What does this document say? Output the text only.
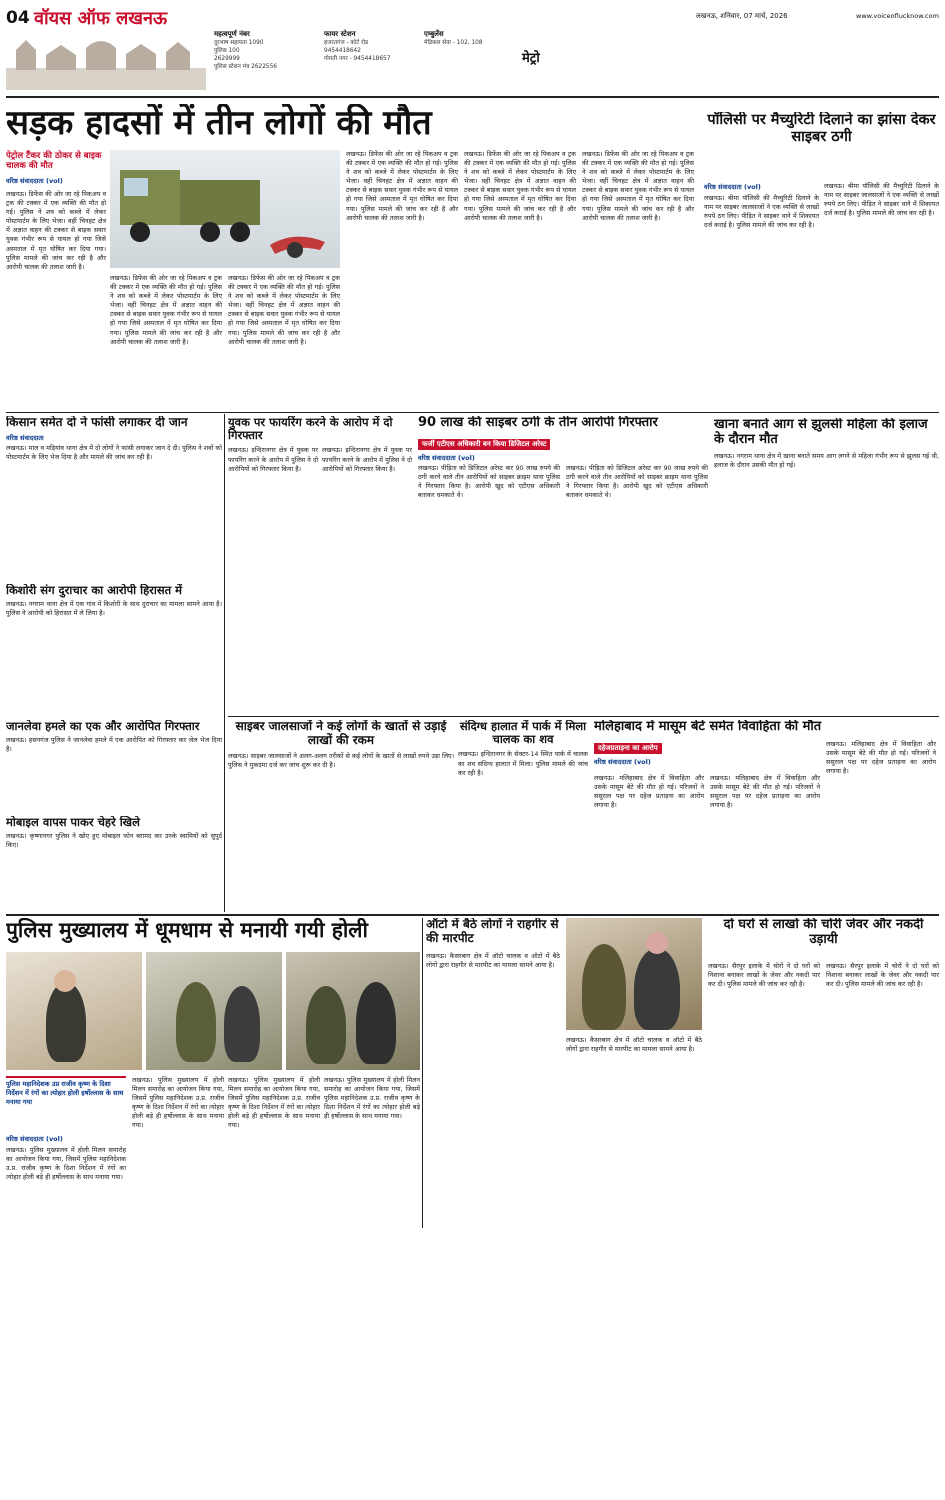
04 वॉयस ऑफ लखनऊ
महत्वपूर्ण नंबर
दूरभाष सहायता 1090
पुलिस 100
2629999
पुलिस स्टेशन मंत्र 2622556
फायर स्टेशन
हजरतगंज - कोर्ट रोड
9454418642
गोमती नगर - 9454418657
एम्बुलेंस
मेडिकल सेवा - 102, 108
मेट्रो
लखनऊ, शनिवार, 07 मार्च, 2026	www.voiceoflucknow.com
सड़क हादसों में तीन लोगों की मौत
पेट्रोल टैंकर की ठोकर से बाइक चालक की मौत
वरिष्ठ संवाददाता (vol)
लखनऊ। डिफेंस की ओर जा रहे पिकअप व ट्रक की टक्कर में एक व्यक्ति की मौत हो गई। पुलिस ने शव को कब्जे में लेकर पोस्टमार्टम के लिए भेजा। वहीं चिनहट क्षेत्र में अज्ञात वाहन की टक्कर से बाइक सवार युवक गंभीर रूप से घायल हो गया जिसे अस्पताल में मृत घोषित कर दिया गया। पुलिस मामले की जांच कर रही है और आरोपी चालक की तलाश जारी है।
लखनऊ। डिफेंस की ओर जा रहे पिकअप व ट्रक की टक्कर में एक व्यक्ति की मौत हो गई। पुलिस ने शव को कब्जे में लेकर पोस्टमार्टम के लिए भेजा। वहीं चिनहट क्षेत्र में अज्ञात वाहन की टक्कर से बाइक सवार युवक गंभीर रूप से घायल हो गया जिसे अस्पताल में मृत घोषित कर दिया गया। पुलिस मामले की जांच कर रही है और आरोपी चालक की तलाश जारी है।
लखनऊ। डिफेंस की ओर जा रहे पिकअप व ट्रक की टक्कर में एक व्यक्ति की मौत हो गई। पुलिस ने शव को कब्जे में लेकर पोस्टमार्टम के लिए भेजा। वहीं चिनहट क्षेत्र में अज्ञात वाहन की टक्कर से बाइक सवार युवक गंभीर रूप से घायल हो गया जिसे अस्पताल में मृत घोषित कर दिया गया। पुलिस मामले की जांच कर रही है और आरोपी चालक की तलाश जारी है।
लखनऊ। डिफेंस की ओर जा रहे पिकअप व ट्रक की टक्कर में एक व्यक्ति की मौत हो गई। पुलिस ने शव को कब्जे में लेकर पोस्टमार्टम के लिए भेजा। वहीं चिनहट क्षेत्र में अज्ञात वाहन की टक्कर से बाइक सवार युवक गंभीर रूप से घायल हो गया जिसे अस्पताल में मृत घोषित कर दिया गया। पुलिस मामले की जांच कर रही है और आरोपी चालक की तलाश जारी है।
लखनऊ। डिफेंस की ओर जा रहे पिकअप व ट्रक की टक्कर में एक व्यक्ति की मौत हो गई। पुलिस ने शव को कब्जे में लेकर पोस्टमार्टम के लिए भेजा। वहीं चिनहट क्षेत्र में अज्ञात वाहन की टक्कर से बाइक सवार युवक गंभीर रूप से घायल हो गया जिसे अस्पताल में मृत घोषित कर दिया गया। पुलिस मामले की जांच कर रही है और आरोपी चालक की तलाश जारी है।
लखनऊ। डिफेंस की ओर जा रहे पिकअप व ट्रक की टक्कर में एक व्यक्ति की मौत हो गई। पुलिस ने शव को कब्जे में लेकर पोस्टमार्टम के लिए भेजा। वहीं चिनहट क्षेत्र में अज्ञात वाहन की टक्कर से बाइक सवार युवक गंभीर रूप से घायल हो गया जिसे अस्पताल में मृत घोषित कर दिया गया। पुलिस मामले की जांच कर रही है और आरोपी चालक की तलाश जारी है।
पॉलिसी पर मैच्युरिटी दिलाने का झांसा देकर साइबर ठगी
वरिष्ठ संवाददाता (vol)
लखनऊ। बीमा पॉलिसी की मैच्युरिटी दिलाने के नाम पर साइबर जालसाजों ने एक व्यक्ति से लाखों रुपये ठग लिए। पीड़ित ने साइबर थाने में शिकायत दर्ज कराई है। पुलिस मामले की जांच कर रही है।
लखनऊ। बीमा पॉलिसी की मैच्युरिटी दिलाने के नाम पर साइबर जालसाजों ने एक व्यक्ति से लाखों रुपये ठग लिए। पीड़ित ने साइबर थाने में शिकायत दर्ज कराई है। पुलिस मामले की जांच कर रही है।
किसान समेत दो ने फांसी लगाकर दी जान
वरिष्ठ संवाददाता
लखनऊ। माल व मड़ियांव थाना क्षेत्र में दो लोगों ने फांसी लगाकर जान दे दी। पुलिस ने शवों को पोस्टमार्टम के लिए भेज दिया है और मामले की जांच कर रही है।
किशोरी संग दुराचार का आरोपी हिरासत में
लखनऊ। नगराम थाना क्षेत्र में एक गांव में किशोरी के साथ दुराचार का मामला सामने आया है। पुलिस ने आरोपी को हिरासत में ले लिया है।
जानलेवा हमले का एक और आरोपित गिरफ्तार
लखनऊ। हसनगंज पुलिस ने जानलेवा हमले में एक आरोपित को गिरफ्तार कर जेल भेज दिया है।
मोबाइल वापस पाकर चेहरे खिले
लखनऊ। कृष्णानगर पुलिस ने खोए हुए मोबाइल फोन बरामद कर उनके स्वामियों को सुपुर्द किए।
युवक पर फायरिंग करने के आरोप में दो गिरफ्तार
लखनऊ। इन्दिरानगर क्षेत्र में युवक पर फायरिंग करने के आरोप में पुलिस ने दो आरोपियों को गिरफ्तार किया है।
लखनऊ। इन्दिरानगर क्षेत्र में युवक पर फायरिंग करने के आरोप में पुलिस ने दो आरोपियों को गिरफ्तार किया है।
90 लाख की साइबर ठगी के तीन आरोपी गिरफ्तार
फर्जी एटीएस अधिकारी बन किया डिजिटल अरेस्ट
वरिष्ठ संवाददाता (vol)
लखनऊ। पीड़िता को डिजिटल अरेस्ट कर 90 लाख रुपये की ठगी करने वाले तीन आरोपियों को साइबर क्राइम थाना पुलिस ने गिरफ्तार किया है। आरोपी खुद को एटीएस अधिकारी बताकर धमकाते थे।
लखनऊ। पीड़िता को डिजिटल अरेस्ट कर 90 लाख रुपये की ठगी करने वाले तीन आरोपियों को साइबर क्राइम थाना पुलिस ने गिरफ्तार किया है। आरोपी खुद को एटीएस अधिकारी बताकर धमकाते थे।
खाना बनाते आग से झुलसी महिला की इलाज के दौरान मौत
लखनऊ। नगराम थाना क्षेत्र में खाना बनाते समय आग लगने से महिला गंभीर रूप से झुलस गई थी, इलाज के दौरान उसकी मौत हो गई।
साइबर जालसाजों ने कई लोगों के खातों से उड़ाई लाखों की रकम
लखनऊ। साइबर जालसाजों ने अलग-अलग तरीकों से कई लोगों के खातों से लाखों रुपये उड़ा लिए। पुलिस ने मुकदमा दर्ज कर जांच शुरू कर दी है।
संदिग्ध हालात में पार्क में मिला चालक का शव
लखनऊ। इन्दिरानगर के सेक्टर-14 स्थित पार्क में चालक का शव संदिग्ध हालात में मिला। पुलिस मामले की जांच कर रही है।
मलिहाबाद में मासूम बेटे समेत विवाहिता की मौत
दहेजप्रताड़ना का आरोप
वरिष्ठ संवाददाता (vol)
लखनऊ। मलिहाबाद क्षेत्र में विवाहिता और उसके मासूम बेटे की मौत हो गई। परिजनों ने ससुराल पक्ष पर दहेज प्रताड़ना का आरोप लगाया है।
लखनऊ। मलिहाबाद क्षेत्र में विवाहिता और उसके मासूम बेटे की मौत हो गई। परिजनों ने ससुराल पक्ष पर दहेज प्रताड़ना का आरोप लगाया है।
लखनऊ। मलिहाबाद क्षेत्र में विवाहिता और उसके मासूम बेटे की मौत हो गई। परिजनों ने ससुराल पक्ष पर दहेज प्रताड़ना का आरोप लगाया है।
पुलिस मुख्यालय में धूमधाम से मनायी गयी होली
पुलिस महानिदेशक उप्र राजीव कृष्ण के दिशा निर्देशन में रंगों का त्योहार होली हर्षोल्लास के साथ मनाया गया
वरिष्ठ संवाददाता (vol)
लखनऊ। पुलिस मुख्यालय में होली मिलन समारोह का आयोजन किया गया, जिसमें पुलिस महानिदेशक उ.प्र. राजीव कृष्ण के दिशा निर्देशन में रंगों का त्योहार होली बड़े ही हर्षोल्लास के साथ मनाया गया।
लखनऊ। पुलिस मुख्यालय में होली मिलन समारोह का आयोजन किया गया, जिसमें पुलिस महानिदेशक उ.प्र. राजीव कृष्ण के दिशा निर्देशन में रंगों का त्योहार होली बड़े ही हर्षोल्लास के साथ मनाया गया।
लखनऊ। पुलिस मुख्यालय में होली मिलन समारोह का आयोजन किया गया, जिसमें पुलिस महानिदेशक उ.प्र. राजीव कृष्ण के दिशा निर्देशन में रंगों का त्योहार होली बड़े ही हर्षोल्लास के साथ मनाया गया।
लखनऊ। पुलिस मुख्यालय में होली मिलन समारोह का आयोजन किया गया, जिसमें पुलिस महानिदेशक उ.प्र. राजीव कृष्ण के दिशा निर्देशन में रंगों का त्योहार होली बड़े ही हर्षोल्लास के साथ मनाया गया।
ऑटो में बैठे लोगों ने राहगीर से की मारपीट
लखनऊ। कैसरबाग क्षेत्र में ऑटो चालक व ऑटो में बैठे लोगों द्वारा राहगीर से मारपीट का मामला सामने आया है।
लखनऊ। कैसरबाग क्षेत्र में ऑटो चालक व ऑटो में बैठे लोगों द्वारा राहगीर से मारपीट का मामला सामने आया है।
दो घरों से लाखों की चोरी जेवर और नकदी उड़ायी
लखनऊ। सैरपुर इलाके में चोरों ने दो घरों को निशाना बनाकर लाखों के जेवर और नकदी पार कर दी। पुलिस मामले की जांच कर रही है।
लखनऊ। सैरपुर इलाके में चोरों ने दो घरों को निशाना बनाकर लाखों के जेवर और नकदी पार कर दी। पुलिस मामले की जांच कर रही है।
